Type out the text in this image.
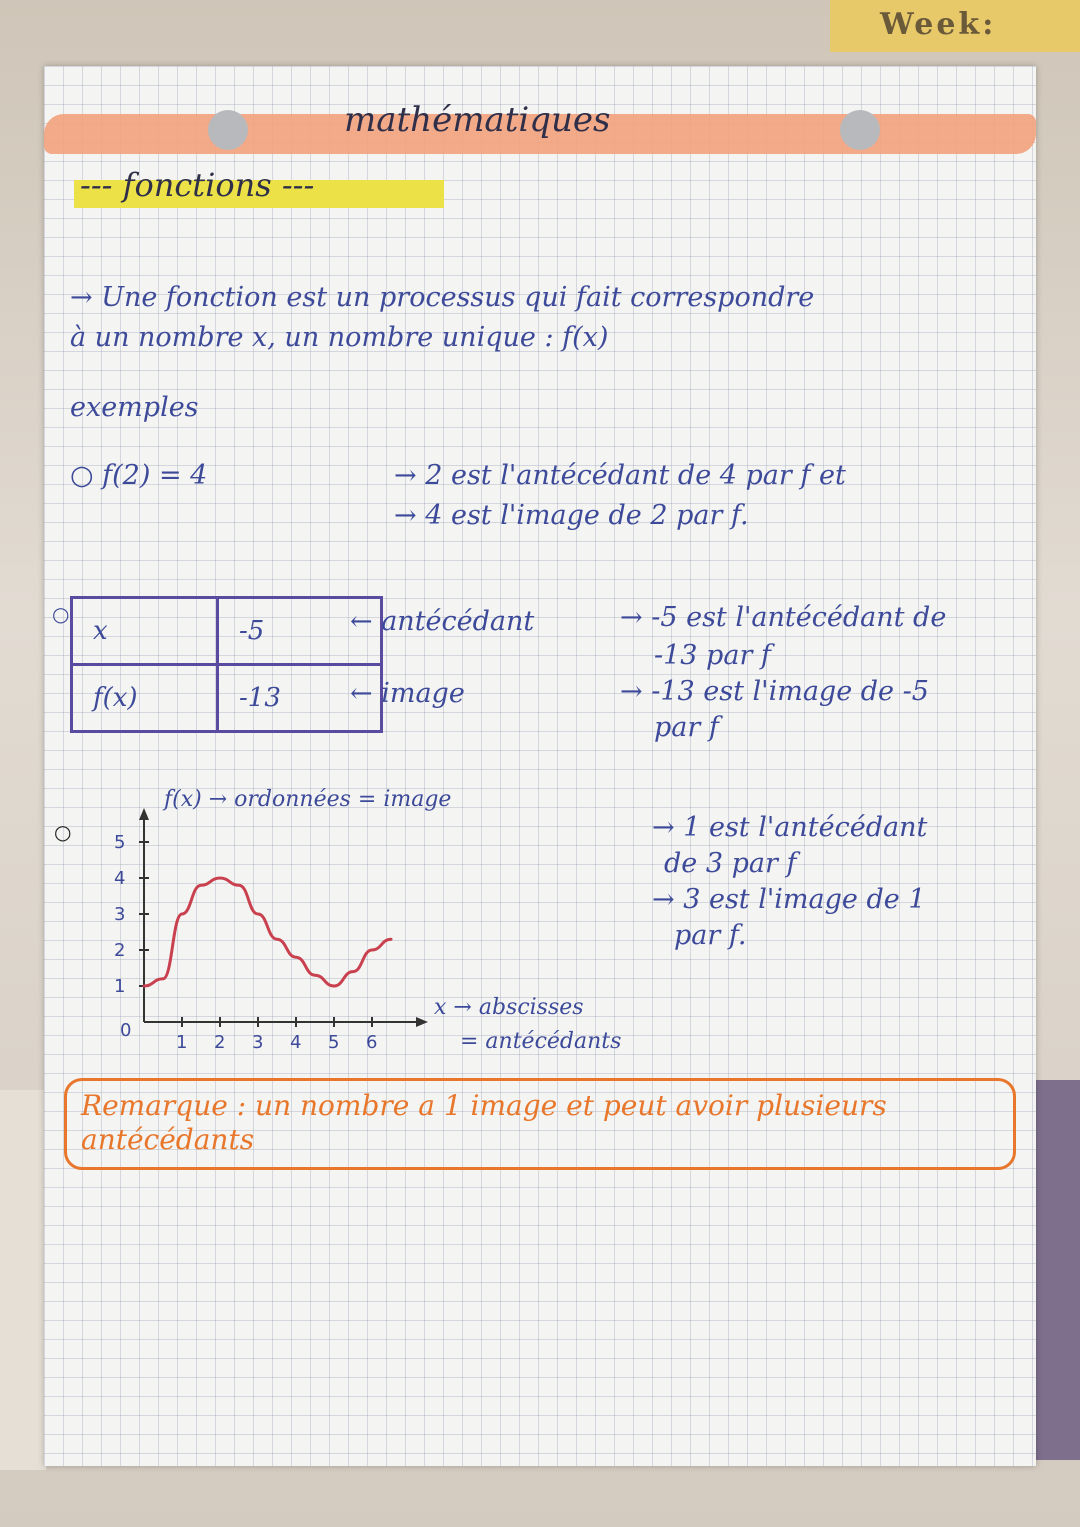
Week:
mathématiques
--- fonctions ---
→ Une fonction est un processus qui fait correspondre
à un nombre x, un nombre unique : f(x)
exemples
○ f(2) = 4	→ 2 est l'antécédant de 4 par f et
→ 4 est l'image de 2 par f.
○
x	-5
f(x)	-13
← antécédant
← image
→ -5 est l'antécédant de
-13 par f
→ -13 est l'image de -5
par f
○
f(x) → ordonnées = image
x → abscisses
= antécédants
0
1 2 3 4 5 6
1
2
3
4
5	→ 1 est l'antécédant
de 3 par f
→ 3 est l'image de 1
par f.
Remarque : un nombre a 1 image et peut avoir plusieurs
antécédants
